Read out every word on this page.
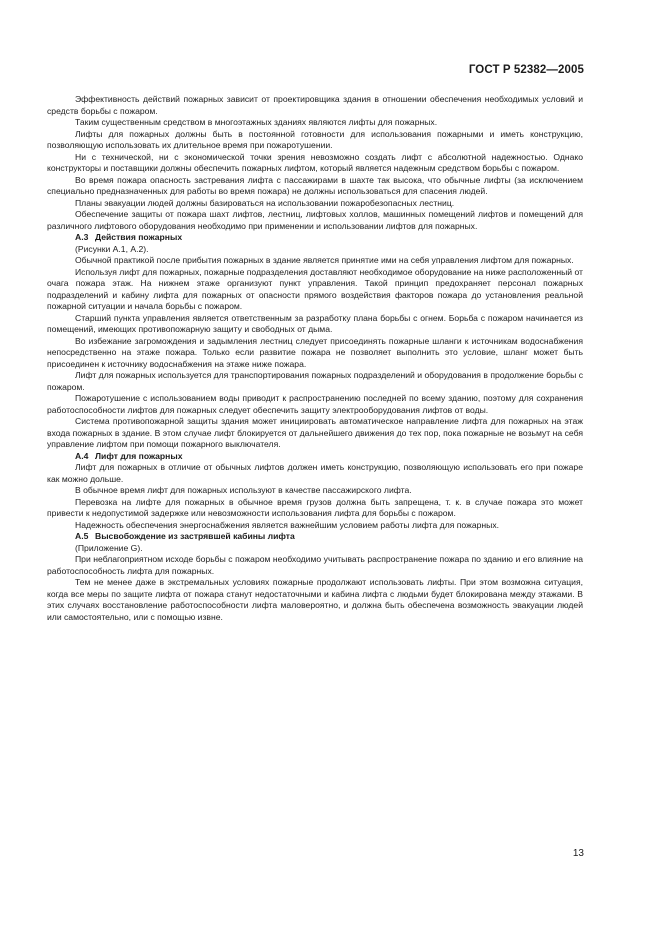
ГОСТ Р 52382—2005

Эффективность действий пожарных зависит от проектировщика здания в отношении обеспечения необходимых условий и средств борьбы с пожаром.

Таким существенным средством в многоэтажных зданиях являются лифты для пожарных.

Лифты для пожарных должны быть в постоянной готовности для использования пожарными и иметь конструкцию, позволяющую использовать их длительное время при пожаротушении.

Ни с технической, ни с экономической точки зрения невозможно создать лифт с абсолютной надежностью. Однако конструкторы и поставщики должны обеспечить пожарных лифтом, который является надежным средством борьбы с пожаром.

Во время пожара опасность застревания лифта с пассажирами в шахте так высока, что обычные лифты (за исключением специально предназначенных для работы во время пожара) не должны использоваться для спасения людей.

Планы эвакуации людей должны базироваться на использовании пожаробезопасных лестниц.

Обеспечение защиты от пожара шахт лифтов, лестниц, лифтовых холлов, машинных помещений лифтов и помещений для различного лифтового оборудования необходимо при применении и использовании лифтов для пожарных.

А.3 Действия пожарных
(Рисунки А.1, А.2).

Обычной практикой после прибытия пожарных в здание является принятие ими на себя управления лифтом для пожарных.

Используя лифт для пожарных, пожарные подразделения доставляют необходимое оборудование на ниже расположенный от очага пожара этаж. На нижнем этаже организуют пункт управления. Такой принцип предохраняет персонал пожарных подразделений и кабину лифта для пожарных от опасности прямого воздействия факторов пожара до установления реальной пожарной ситуации и начала борьбы с пожаром.

Старший пункта управления является ответственным за разработку плана борьбы с огнем. Борьба с пожаром начинается из помещений, имеющих противопожарную защиту и свободных от дыма.

Во избежание загромождения и задымления лестниц следует присоединять пожарные шланги к источникам водоснабжения непосредственно на этаже пожара. Только если развитие пожара не позволяет выполнить это условие, шланг может быть присоединен к источнику водоснабжения на этаже ниже пожара.

Лифт для пожарных используется для транспортирования пожарных подразделений и оборудования в продолжение борьбы с пожаром.

Пожаротушение с использованием воды приводит к распространению последней по всему зданию, поэтому для сохранения работоспособности лифтов для пожарных следует обеспечить защиту электрооборудования лифтов от воды.

Система противопожарной защиты здания может инициировать автоматическое направление лифта для пожарных на этаж входа пожарных в здание. В этом случае лифт блокируется от дальнейшего движения до тех пор, пока пожарные не возьмут на себя управление лифтом при помощи пожарного выключателя.

А.4 Лифт для пожарных

Лифт для пожарных в отличие от обычных лифтов должен иметь конструкцию, позволяющую использовать его при пожаре как можно дольше.

В обычное время лифт для пожарных используют в качестве пассажирского лифта.

Перевозка на лифте для пожарных в обычное время грузов должна быть запрещена, т. к. в случае пожара это может привести к недопустимой задержке или невозможности использования лифта для борьбы с пожаром.

Надежность обеспечения энергоснабжения является важнейшим условием работы лифта для пожарных.

А.5 Высвобождение из застрявшей кабины лифта
(Приложение G).

При неблагоприятном исходе борьбы с пожаром необходимо учитывать распространение пожара по зданию и его влияние на работоспособность лифта для пожарных.

Тем не менее даже в экстремальных условиях пожарные продолжают использовать лифты. При этом возможна ситуация, когда все меры по защите лифта от пожара станут недостаточными и кабина лифта с людьми будет блокирована между этажами. В этих случаях восстановление работоспособности лифта маловероятно, и должна быть обеспечена возможность эвакуации людей или самостоятельно, или с помощью извне.

13
